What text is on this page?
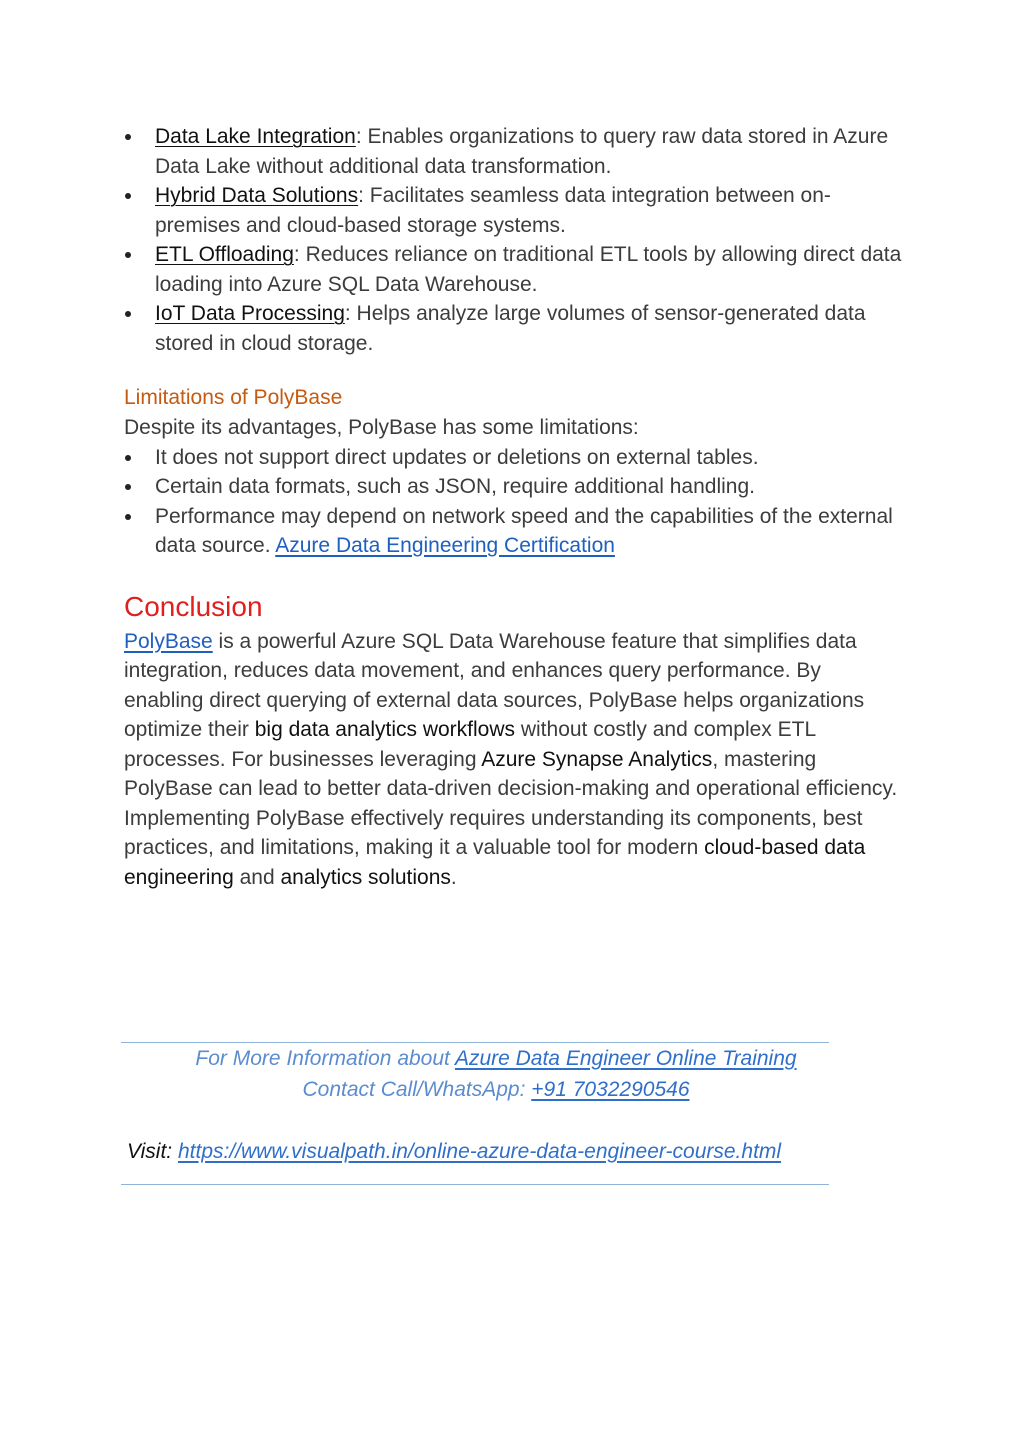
Data Lake Integration: Enables organizations to query raw data stored in Azure Data Lake without additional data transformation.
Hybrid Data Solutions: Facilitates seamless data integration between on-premises and cloud-based storage systems.
ETL Offloading: Reduces reliance on traditional ETL tools by allowing direct data loading into Azure SQL Data Warehouse.
IoT Data Processing: Helps analyze large volumes of sensor-generated data stored in cloud storage.
Limitations of PolyBase

Despite its advantages, PolyBase has some limitations:

It does not support direct updates or deletions on external tables.
Certain data formats, such as JSON, require additional handling.
Performance may depend on network speed and the capabilities of the external data source. Azure Data Engineering Certification
Conclusion

PolyBase is a powerful Azure SQL Data Warehouse feature that simplifies data integration, reduces data movement, and enhances query performance. By enabling direct querying of external data sources, PolyBase helps organizations optimize their big data analytics workflows without costly and complex ETL processes. For businesses leveraging Azure Synapse Analytics, mastering PolyBase can lead to better data-driven decision-making and operational efficiency.

Implementing PolyBase effectively requires understanding its components, best practices, and limitations, making it a valuable tool for modern cloud-based data engineering and analytics solutions.

For More Information about Azure Data Engineer Online Training
Contact Call/WhatsApp: +91 7032290546
Visit: https://www.visualpath.in/online-azure-data-engineer-course.html
